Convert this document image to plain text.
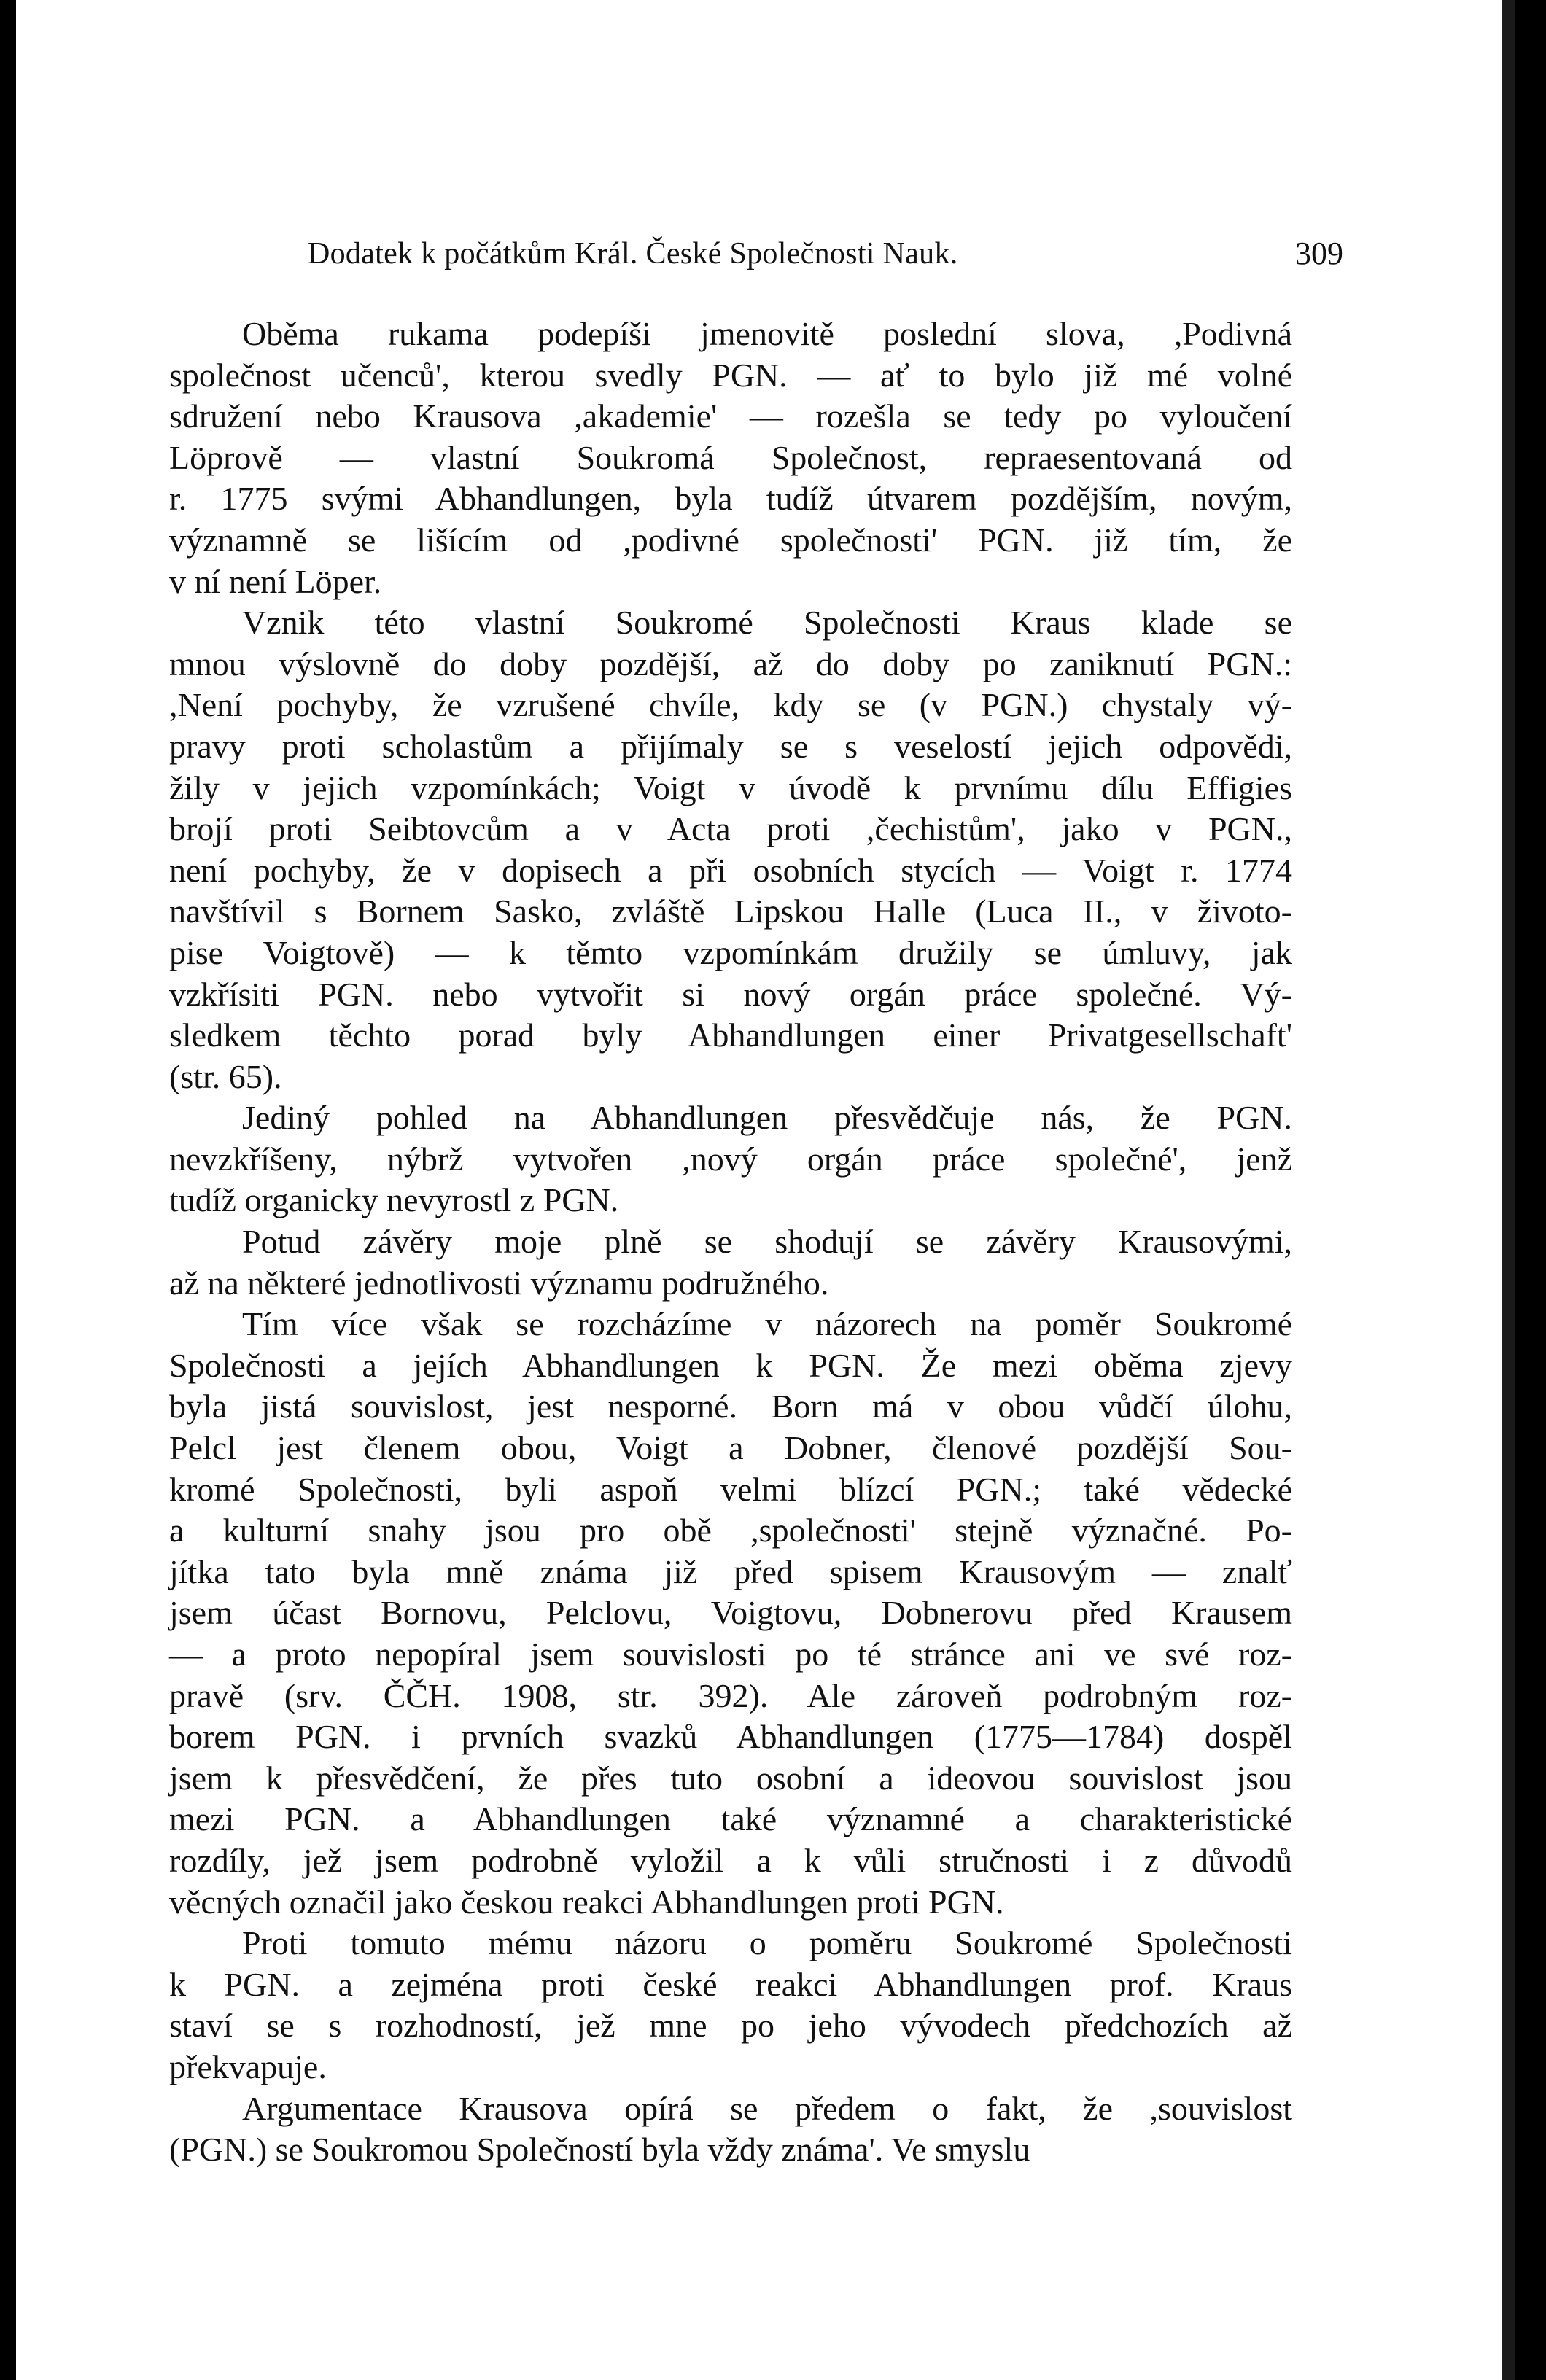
Dodatek k počátkům Král. České Společnosti Nauk.	309
Oběma rukama podepíši jmenovitě poslední slova, ,Podivná
společnost učenců', kterou svedly PGN. — ať to bylo již mé volné
sdružení nebo Krausova ,akademie' — rozešla se tedy po vyloučení
Löprově — vlastní Soukromá Společnost, repraesentovaná od
r. 1775 svými Abhandlungen, byla tudíž útvarem pozdějším, novým,
významně se lišícím od ,podivné společnosti' PGN. již tím, že
v ní není Löper.
Vznik této vlastní Soukromé Společnosti Kraus klade se
mnou výslovně do doby pozdější, až do doby po zaniknutí PGN.:
,Není pochyby, že vzrušené chvíle, kdy se (v PGN.) chystaly vý-
pravy proti scholastům a přijímaly se s veselostí jejich odpovědi,
žily v jejich vzpomínkách; Voigt v úvodě k prvnímu dílu Effigies
brojí proti Seibtovcům a v Acta proti ,čechistům', jako v PGN.,
není pochyby, že v dopisech a při osobních stycích — Voigt r. 1774
navštívil s Bornem Sasko, zvláště Lipskou Halle (Luca II., v životo-
pise Voigtově) — k těmto vzpomínkám družily se úmluvy, jak
vzkřísiti PGN. nebo vytvořit si nový orgán práce společné. Vý-
sledkem těchto porad byly Abhandlungen einer Privatgesellschaft'
(str. 65).
Jediný pohled na Abhandlungen přesvědčuje nás, že PGN.
nevzkříšeny, nýbrž vytvořen ,nový orgán práce společné', jenž
tudíž organicky nevyrostl z PGN.
Potud závěry moje plně se shodují se závěry Krausovými,
až na některé jednotlivosti významu podružného.
Tím více však se rozcházíme v názorech na poměr Soukromé
Společnosti a jejích Abhandlungen k PGN. Že mezi oběma zjevy
byla jistá souvislost, jest nesporné. Born má v obou vůdčí úlohu,
Pelcl jest členem obou, Voigt a Dobner, členové pozdější Sou-
kromé Společnosti, byli aspoň velmi blízcí PGN.; také vědecké
a kulturní snahy jsou pro obě ,společnosti' stejně význačné. Po-
jítka tato byla mně známa již před spisem Krausovým — znalť
jsem účast Bornovu, Pelclovu, Voigtovu, Dobnerovu před Krausem
— a proto nepopíral jsem souvislosti po té stránce ani ve své roz-
pravě (srv. ČČH. 1908, str. 392). Ale zároveň podrobným roz-
borem PGN. i prvních svazků Abhandlungen (1775—1784) dospěl
jsem k přesvědčení, že přes tuto osobní a ideovou souvislost jsou
mezi PGN. a Abhandlungen také významné a charakteristické
rozdíly, jež jsem podrobně vyložil a k vůli stručnosti i z důvodů
věcných označil jako českou reakci Abhandlungen proti PGN.
Proti tomuto mému názoru o poměru Soukromé Společnosti
k PGN. a zejména proti české reakci Abhandlungen prof. Kraus
staví se s rozhodností, jež mne po jeho vývodech předchozích až
překvapuje.
Argumentace Krausova opírá se předem o fakt, že ,souvislost
(PGN.) se Soukromou Společností byla vždy známa'. Ve smyslu
